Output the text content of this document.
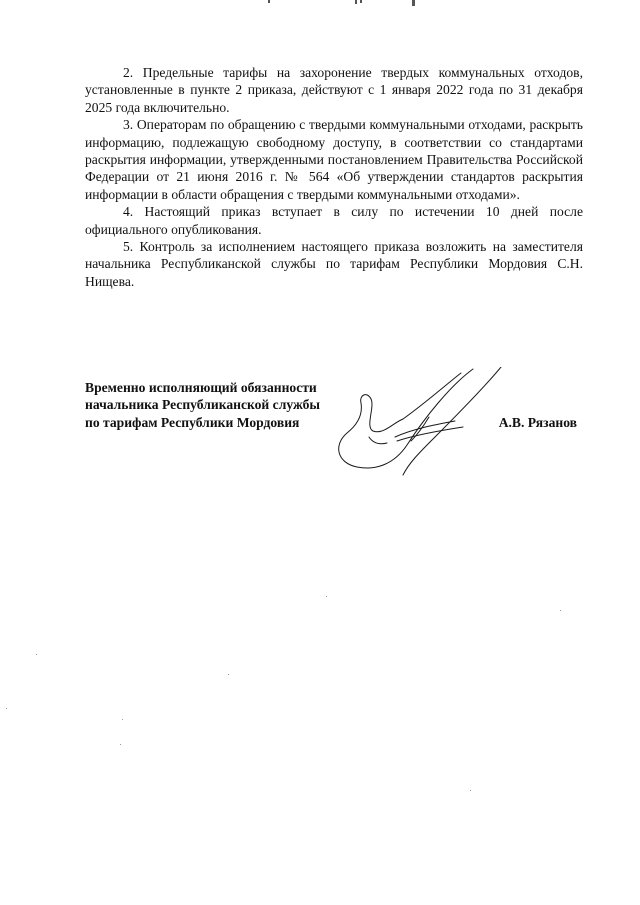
2. Предельные тарифы на захоронение твердых коммунальных отходов, установленные в пункте 2 приказа, действуют с 1 января 2022 года по 31 декабря 2025 года включительно.

3. Операторам по обращению с твердыми коммунальными отходами, раскрыть информацию, подлежащую свободному доступу, в соответствии со стандартами раскрытия информации, утвержденными постановлением Правительства Российской Федерации от 21 июня 2016 г. № 564 «Об утверждении стандартов раскрытия информации в области обращения с твердыми коммунальными отходами».

4. Настоящий приказ вступает в силу по истечении 10 дней после официального опубликования.

5. Контроль за исполнением настоящего приказа возложить на заместителя начальника Республиканской службы по тарифам Республики Мордовия С.Н. Нищева.

Временно исполняющий обязанности
начальника Республиканской службы
по тарифам Республики Мордовия	А.В. Рязанов
